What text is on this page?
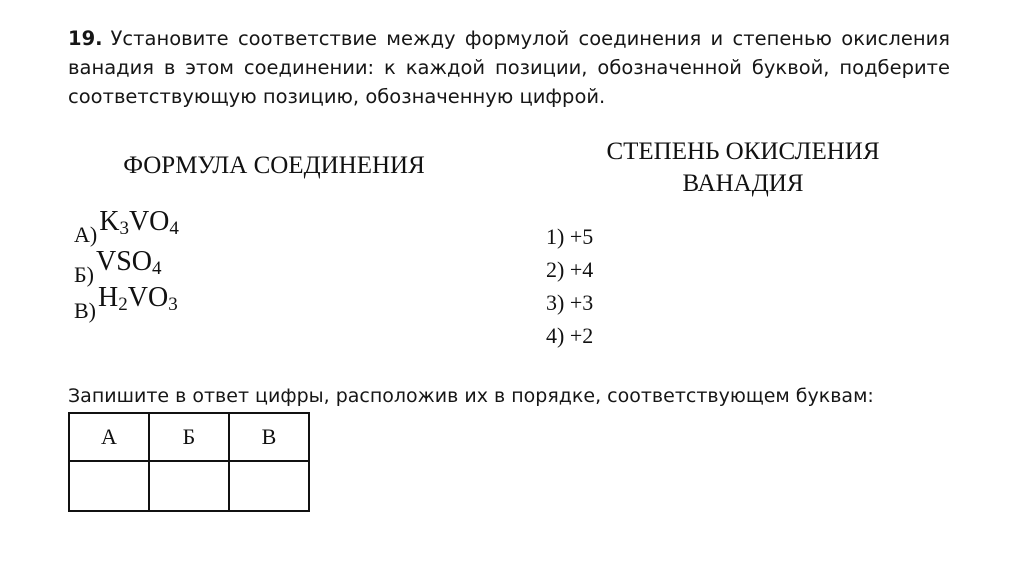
19. Установите соответствие между формулой соединения и степенью окисления ванадия в этом соединении: к каждой позиции, обозначенной буквой, подберите соответствующую позицию, обозначенную цифрой.
ФОРМУЛА СОЕДИНЕНИЯ
СТЕПЕНЬ ОКИСЛЕНИЯ
ВАНАДИЯ
$А)K_3VO_4$
$Б)VSO_4$
$В)H_2VO_3$
1) +5
2) +4
3) +3
4) +2
Запишите в ответ цифры, расположив их в порядке, соответствующем буквам:
А	Б	В
